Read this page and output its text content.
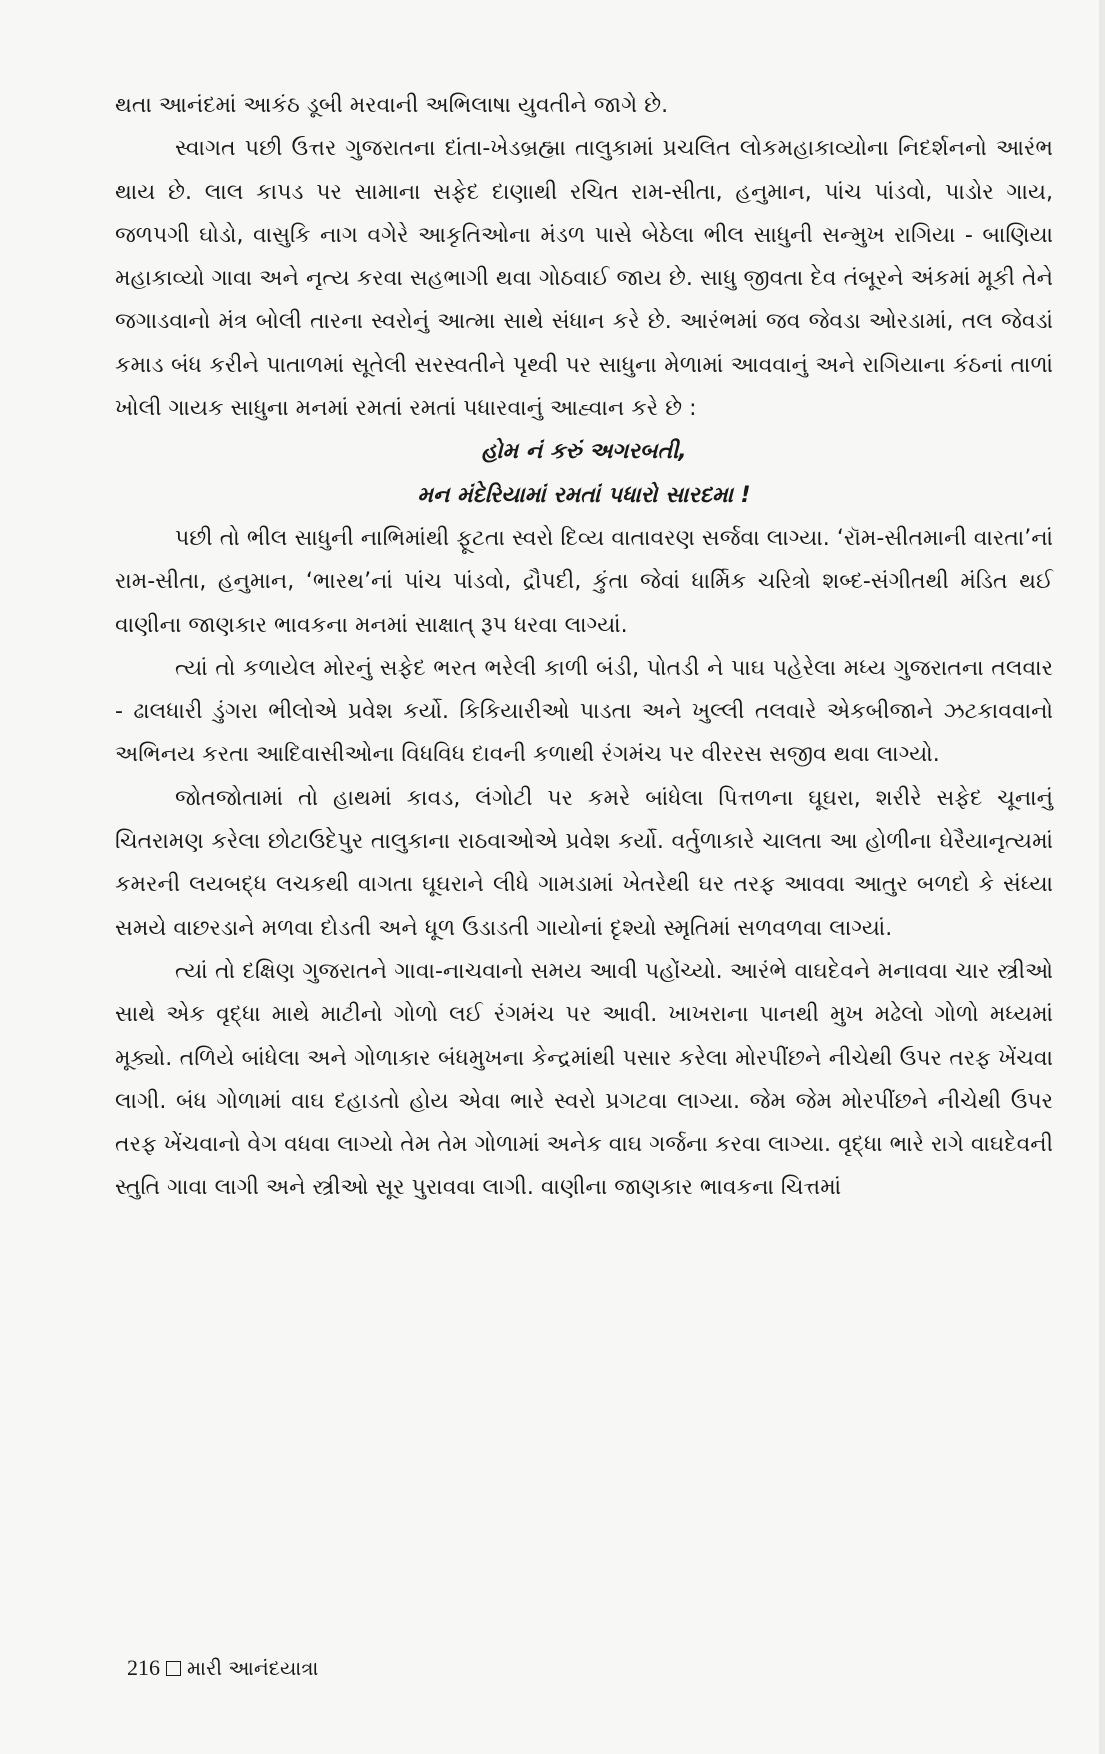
થતા આનંદમાં આકંઠ ડૂબી મરવાની અભિલાષા યુવતીને જાગે છે.

સ્વાગત પછી ઉત્તર ગુજરાતના દાંતા-ખેડબ્રહ્મા તાલુકામાં પ્રચલિત લોકમહાકાવ્યોના નિદર્શનનો આરંભ થાય છે. લાલ કાપડ પર સામાના સફેદ દાણાથી રચિત રામ-સીતા, હનુમાન, પાંચ પાંડવો, પાડોર ગાય, જળપગી ઘોડો, વાસુકિ નાગ વગેરે આકૃતિઓના મંડળ પાસે બેઠેલા ભીલ સાધુની સન્મુખ રાગિયા - બાણિયા મહાકાવ્યો ગાવા અને નૃત્ય કરવા સહભાગી થવા ગોઠવાઈ જાય છે. સાધુ જીવતા દેવ તંબૂરને અંકમાં મૂકી તેને જગાડવાનો મંત્ર બોલી તારના સ્વરોનું આત્મા સાથે સંધાન કરે છે. આરંભમાં જવ જેવડા ઓરડામાં, તલ જેવડાં કમાડ બંધ કરીને પાતાળમાં સૂતેલી સરસ્વતીને પૃથ્વી પર સાધુના મેળામાં આવવાનું અને રાગિયાના કંઠનાં તાળાં ખોલી ગાયક સાધુના મનમાં રમતાં રમતાં પધારવાનું આહ્વાન કરે છે :

હોમ નં કરું અગરબતી,

મન મંદેરિયામાં રમતાં પધારો સારદમા !

પછી તો ભીલ સાધુની નાભિમાંથી ફૂટતા સ્વરો દિવ્ય વાતાવરણ સર્જવા લાગ્યા. ‘રૉમ-સીતમાની વારતા’નાં રામ-સીતા, હનુમાન, ‘ભારથ’નાં પાંચ પાંડવો, દ્રૌપદી, કુંતા જેવાં ધાર્મિક ચરિત્રો શબ્દ-સંગીતથી મંડિત થઈ વાણીના જાણકાર ભાવકના મનમાં સાક્ષાત્ રૂપ ધરવા લાગ્યાં.

ત્યાં તો કળાયેલ મોરનું સફેદ ભરત ભરેલી કાળી બંડી, પોતડી ને પાઘ પહેરેલા મધ્ય ગુજરાતના તલવાર - ઢાલધારી ડુંગરા ભીલોએ પ્રવેશ કર્યો. કિકિયારીઓ પાડતા અને ખુલ્લી તલવારે એકબીજાને ઝટકાવવાનો અભિનય કરતા આદિવાસીઓના વિધવિધ દાવની કળાથી રંગમંચ પર વીરરસ સજીવ થવા લાગ્યો.

જોતજોતામાં તો હાથમાં કાવડ, લંગોટી પર કમરે બાંધેલા પિત્તળના ઘૂઘરા, શરીરે સફેદ ચૂનાનું ચિતરામણ કરેલા છોટાઉદેપુર તાલુકાના રાઠવાઓએ પ્રવેશ કર્યો. વર્તુળાકારે ચાલતા આ હોળીના ઘેરૈયાનૃત્યમાં કમરની લયબદ્ધ લચકથી વાગતા ઘૂઘરાને લીધે ગામડામાં ખેતરેથી ઘર તરફ આવવા આતુર બળદો કે સંધ્યા સમયે વાછરડાને મળવા દોડતી અને ધૂળ ઉડાડતી ગાયોનાં દૃશ્યો સ્મૃતિમાં સળવળવા લાગ્યાં.

ત્યાં તો દક્ષિણ ગુજરાતને ગાવા-નાચવાનો સમય આવી પહોંચ્યો. આરંભે વાઘદેવને મનાવવા ચાર સ્ત્રીઓ સાથે એક વૃદ્ધા માથે માટીનો ગોળો લઈ રંગમંચ પર આવી. ખાખરાના પાનથી મુખ મઢેલો ગોળો મધ્યમાં મૂક્યો. તળિયે બાંધેલા અને ગોળાકાર બંધમુખના કેન્દ્રમાંથી પસાર કરેલા મોરપીંછને નીચેથી ઉપર તરફ ખેંચવા લાગી. બંધ ગોળામાં વાઘ દહાડતો હોય એવા ભારે સ્વરો પ્રગટવા લાગ્યા. જેમ જેમ મોરપીંછને નીચેથી ઉપર તરફ ખેંચવાનો વેગ વધવા લાગ્યો તેમ તેમ ગોળામાં અનેક વાઘ ગર્જના કરવા લાગ્યા. વૃદ્ધા ભારે રાગે વાઘદેવની સ્તુતિ ગાવા લાગી અને સ્ત્રીઓ સૂર પુરાવવા લાગી. વાણીના જાણકાર ભાવકના ચિત્તમાં

216 મારી આનંદયાત્રા
